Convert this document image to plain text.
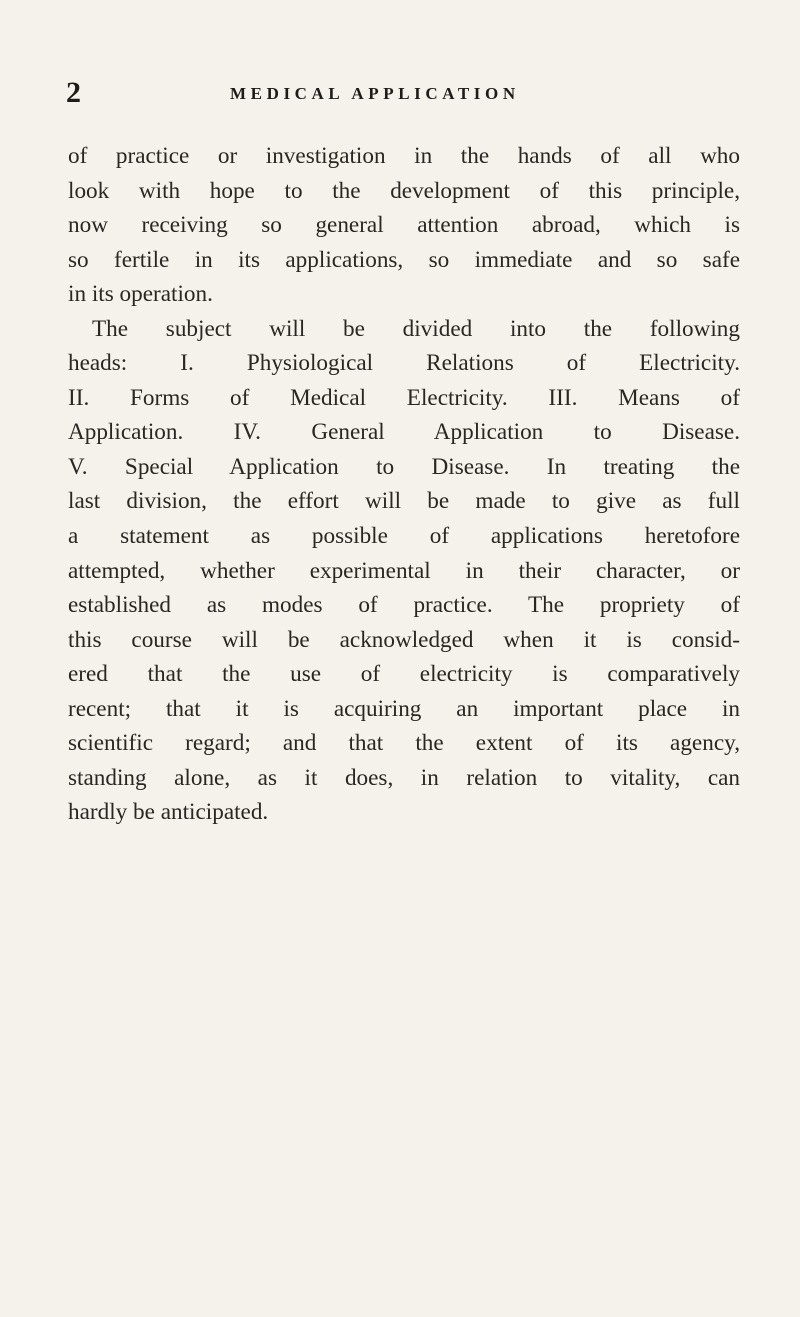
2	MEDICAL APPLICATION
of practice or investigation in the hands of all who
look with hope to the development of this principle,
now receiving so general attention abroad, which is
so fertile in its applications, so immediate and so safe
in its operation.
The subject will be divided into the following
heads: I. Physiological Relations of Electricity.
II. Forms of Medical Electricity. III. Means of
Application. IV. General Application to Disease.
V. Special Application to Disease. In treating the
last division, the effort will be made to give as full
a statement as possible of applications heretofore
attempted, whether experimental in their character, or
established as modes of practice. The propriety of
this course will be acknowledged when it is consid-
ered that the use of electricity is comparatively
recent; that it is acquiring an important place in
scientific regard; and that the extent of its agency,
standing alone, as it does, in relation to vitality, can
hardly be anticipated.
